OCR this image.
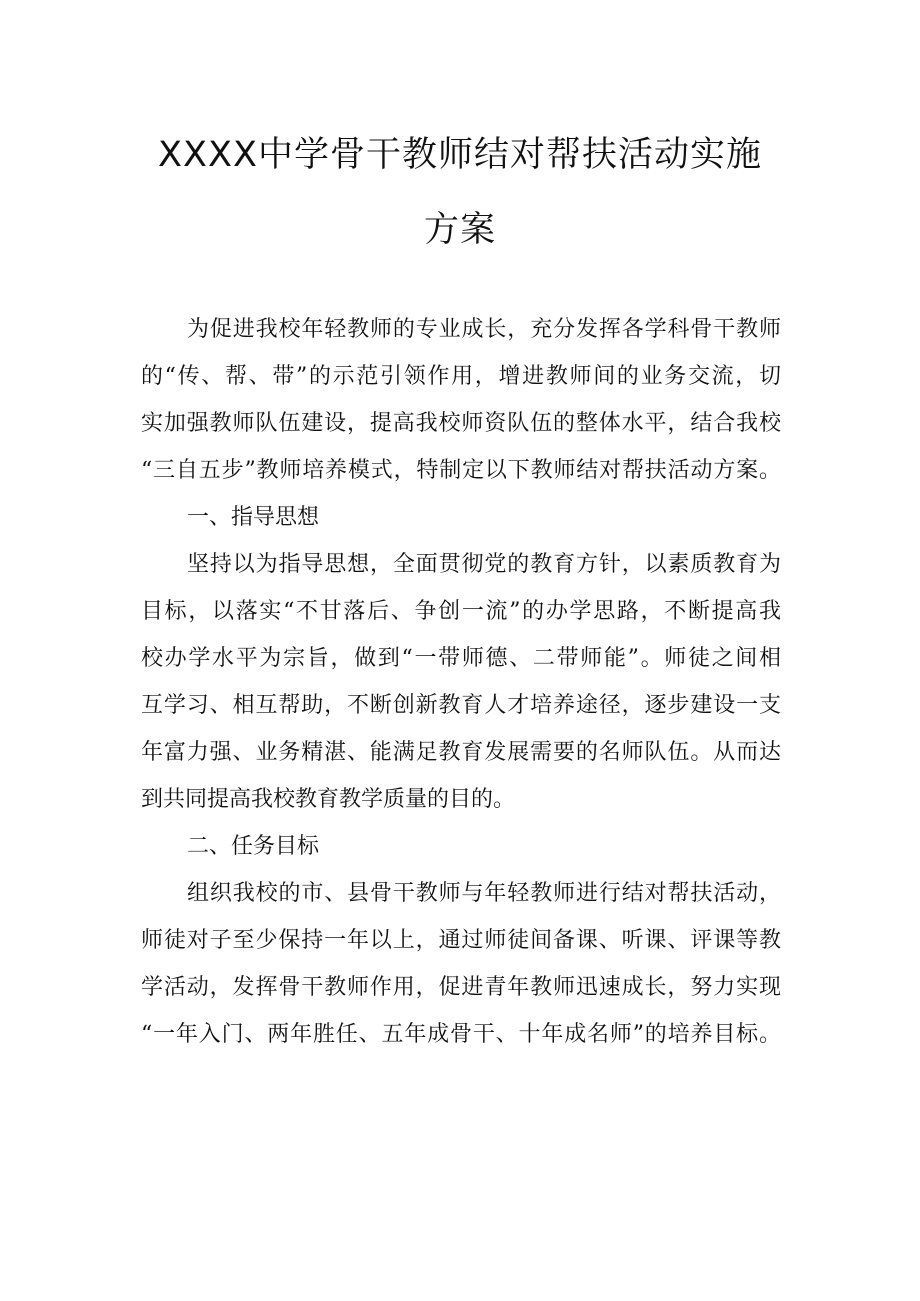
XXXX中学骨干教师结对帮扶活动实施
方案
为促进我校年轻教师的专业成长，充分发挥各学科骨干教师
的“传、帮、带”的示范引领作用，增进教师间的业务交流，切
实加强教师队伍建设，提高我校师资队伍的整体水平，结合我校
“三自五步”教师培养模式，特制定以下教师结对帮扶活动方案。
一、指导思想
坚持以为指导思想，全面贯彻党的教育方针，以素质教育为
目标，以落实“不甘落后、争创一流”的办学思路，不断提高我
校办学水平为宗旨，做到“一带师德、二带师能”。师徒之间相
互学习、相互帮助，不断创新教育人才培养途径，逐步建设一支
年富力强、业务精湛、能满足教育发展需要的名师队伍。从而达
到共同提高我校教育教学质量的目的。
二、任务目标
组织我校的市、县骨干教师与年轻教师进行结对帮扶活动，
师徒对子至少保持一年以上，通过师徒间备课、听课、评课等教
学活动，发挥骨干教师作用，促进青年教师迅速成长，努力实现
“一年入门、两年胜任、五年成骨干、十年成名师”的培养目标。
